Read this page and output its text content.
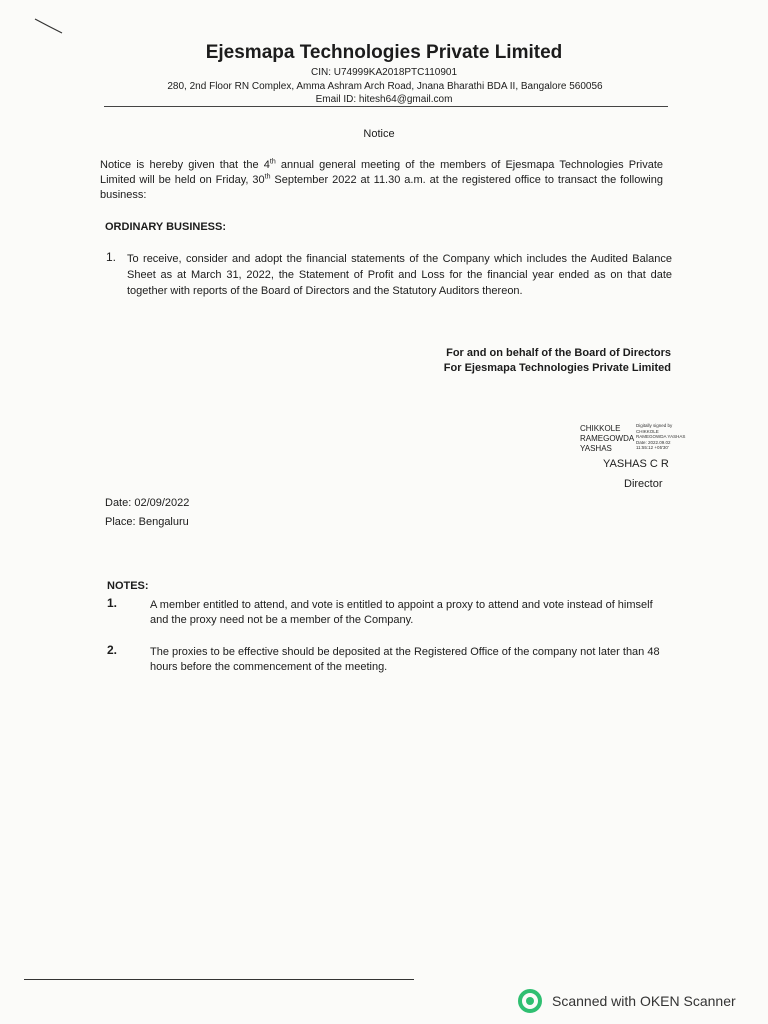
Ejesmapa Technologies Private Limited
CIN: U74999KA2018PTC110901
280, 2nd Floor RN Complex, Amma Ashram Arch Road, Jnana Bharathi BDA II, Bangalore 560056
Email ID: hitesh64@gmail.com
Notice
Notice is hereby given that the 4th annual general meeting of the members of Ejesmapa Technologies Private Limited will be held on Friday, 30th September 2022 at 11.30 a.m. at the registered office to transact the following business:
ORDINARY BUSINESS:
1. To receive, consider and adopt the financial statements of the Company which includes the Audited Balance Sheet as at March 31, 2022, the Statement of Profit and Loss for the financial year ended as on that date together with reports of the Board of Directors and the Statutory Auditors thereon.
For and on behalf of the Board of Directors
For Ejesmapa Technologies Private Limited
CHIKKOLE
RAMEGOWDA
YASHAS
Digitally signed by
CHIKKOLE
RAMEGOWDA YASHAS
Date: 2022.09.02
11:55:12 +05'30'
YASHAS C R
Director
Date: 02/09/2022
Place: Bengaluru
NOTES:
1.	A member entitled to attend, and vote is entitled to appoint a proxy to attend and vote instead of himself and the proxy need not be a member of the Company.
2.	The proxies to be effective should be deposited at the Registered Office of the company not later than 48 hours before the commencement of the meeting.
Scanned with OKEN Scanner
